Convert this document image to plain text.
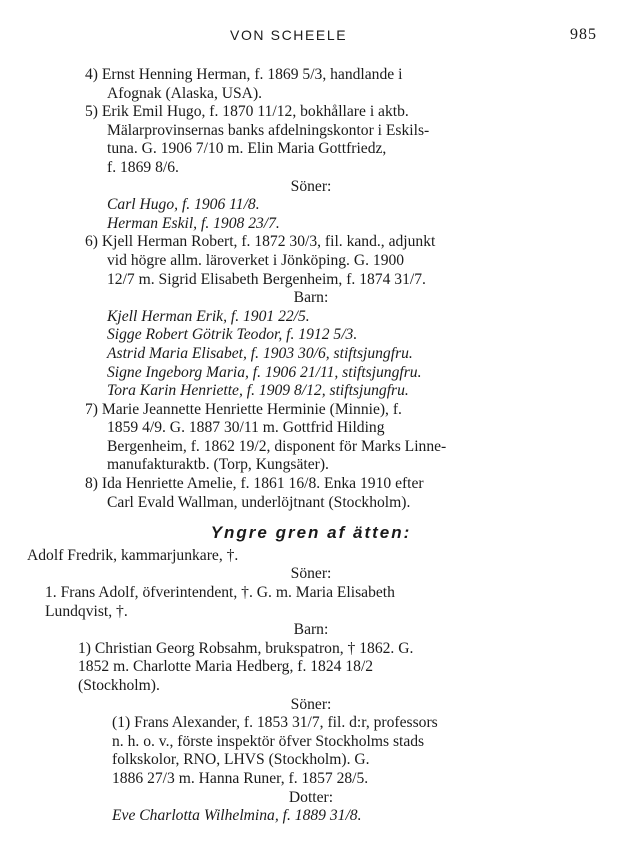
VON SCHEELE	985
4) Ernst Henning Herman, f. 1869 5/3, handlande i
Afognak (Alaska, USA).
5) Erik Emil Hugo, f. 1870 11/12, bokhållare i aktb.
Mälarprovinsernas banks afdelningskontor i Eskils-
tuna. G. 1906 7/10 m. Elin Maria Gottfriedz,
f. 1869 8/6.
Söner:
Carl Hugo, f. 1906 11/8.
Herman Eskil, f. 1908 23/7.
6) Kjell Herman Robert, f. 1872 30/3, fil. kand., adjunkt
vid högre allm. läroverket i Jönköping. G. 1900
12/7 m. Sigrid Elisabeth Bergenheim, f. 1874 31/7.
Barn:
Kjell Herman Erik, f. 1901 22/5.
Sigge Robert Götrik Teodor, f. 1912 5/3.
Astrid Maria Elisabet, f. 1903 30/6, stiftsjungfru.
Signe Ingeborg Maria, f. 1906 21/11, stiftsjungfru.
Tora Karin Henriette, f. 1909 8/12, stiftsjungfru.
7) Marie Jeannette Henriette Herminie (Minnie), f.
1859 4/9. G. 1887 30/11 m. Gottfrid Hilding
Bergenheim, f. 1862 19/2, disponent för Marks Linne-
manufakturaktb. (Torp, Kungsäter).
8) Ida Henriette Amelie, f. 1861 16/8. Enka 1910 efter
Carl Evald Wallman, underlöjtnant (Stockholm).
Yngre gren af ätten:
Adolf Fredrik, kammarjunkare, †.
Söner:
1. Frans Adolf, öfverintendent, †. G. m. Maria Elisabeth
Lundqvist, †.
Barn:
1) Christian Georg Robsahm, brukspatron, † 1862. G.
1852 m. Charlotte Maria Hedberg, f. 1824 18/2
(Stockholm).
Söner:
(1) Frans Alexander, f. 1853 31/7, fil. d:r, professors
n. h. o. v., förste inspektör öfver Stockholms stads
folkskolor, RNO, LHVS (Stockholm). G.
1886 27/3 m. Hanna Runer, f. 1857 28/5.
Dotter:
Eve Charlotta Wilhelmina, f. 1889 31/8.
